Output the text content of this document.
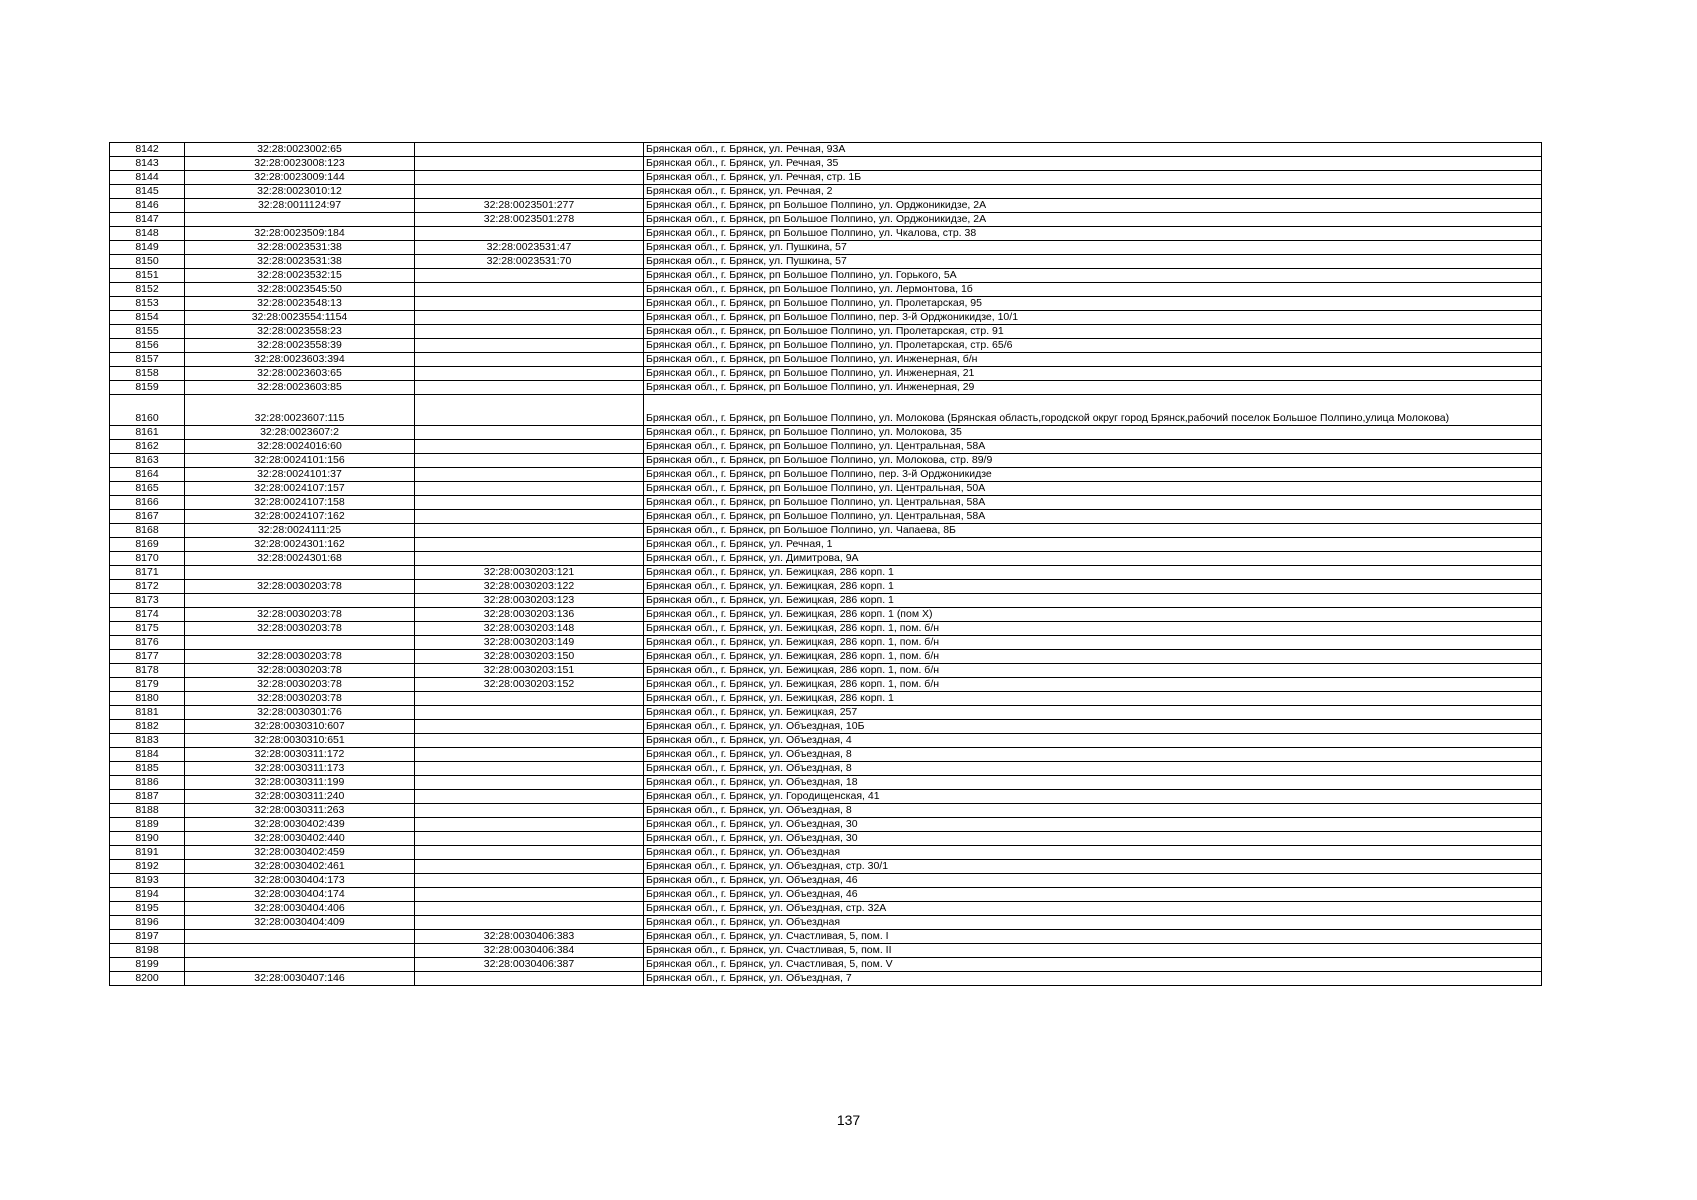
8142	32:28:0023002:65		Брянская обл., г. Брянск, ул. Речная, 93А
8143	32:28:0023008:123		Брянская обл., г. Брянск, ул. Речная, 35
8144	32:28:0023009:144		Брянская обл., г. Брянск, ул. Речная, стр. 1Б
8145	32:28:0023010:12		Брянская обл., г. Брянск, ул. Речная, 2
8146	32:28:0011124:97	32:28:0023501:277	Брянская обл., г. Брянск, рп Большое Полпино, ул. Орджоникидзе, 2А
8147		32:28:0023501:278	Брянская обл., г. Брянск, рп Большое Полпино, ул. Орджоникидзе, 2А
8148	32:28:0023509:184		Брянская обл., г. Брянск, рп Большое Полпино, ул. Чкалова, стр. 38
8149	32:28:0023531:38	32:28:0023531:47	Брянская обл., г. Брянск, ул. Пушкина, 57
8150	32:28:0023531:38	32:28:0023531:70	Брянская обл., г. Брянск, ул. Пушкина, 57
8151	32:28:0023532:15		Брянская обл., г. Брянск, рп Большое Полпино, ул. Горького, 5А
8152	32:28:0023545:50		Брянская обл., г. Брянск, рп Большое Полпино, ул. Лермонтова, 1б
8153	32:28:0023548:13		Брянская обл., г. Брянск, рп Большое Полпино, ул. Пролетарская, 95
8154	32:28:0023554:1154		Брянская обл., г. Брянск, рп Большое Полпино, пер. 3-й Орджоникидзе, 10/1
8155	32:28:0023558:23		Брянская обл., г. Брянск, рп Большое Полпино, ул. Пролетарская, стр. 91
8156	32:28:0023558:39		Брянская обл., г. Брянск, рп Большое Полпино, ул. Пролетарская, стр. 65/6
8157	32:28:0023603:394		Брянская обл., г. Брянск, рп Большое Полпино, ул. Инженерная, б/н
8158	32:28:0023603:65		Брянская обл., г. Брянск, рп Большое Полпино, ул. Инженерная, 21
8159	32:28:0023603:85		Брянская обл., г. Брянск, рп Большое Полпино, ул. Инженерная, 29
8160	32:28:0023607:115		Брянская обл., г. Брянск, рп Большое Полпино, ул. Молокова (Брянская область,городской округ город Брянск,рабочий поселок Большое Полпино,улица Молокова)
8161	32:28:0023607:2		Брянская обл., г. Брянск, рп Большое Полпино, ул. Молокова, 35
8162	32:28:0024016:60		Брянская обл., г. Брянск, рп Большое Полпино, ул. Центральная, 58А
8163	32:28:0024101:156		Брянская обл., г. Брянск, рп Большое Полпино, ул. Молокова, стр. 89/9
8164	32:28:0024101:37		Брянская обл., г. Брянск, рп Большое Полпино, пер. 3-й Орджоникидзе
8165	32:28:0024107:157		Брянская обл., г. Брянск, рп Большое Полпино, ул. Центральная, 50А
8166	32:28:0024107:158		Брянская обл., г. Брянск, рп Большое Полпино, ул. Центральная, 58А
8167	32:28:0024107:162		Брянская обл., г. Брянск, рп Большое Полпино, ул. Центральная, 58А
8168	32:28:0024111:25		Брянская обл., г. Брянск, рп Большое Полпино, ул. Чапаева, 8Б
8169	32:28:0024301:162		Брянская обл., г. Брянск, ул. Речная, 1
8170	32:28:0024301:68		Брянская обл., г. Брянск, ул. Димитрова, 9А
8171		32:28:0030203:121	Брянская обл., г. Брянск, ул. Бежицкая, 286 корп. 1
8172	32:28:0030203:78	32:28:0030203:122	Брянская обл., г. Брянск, ул. Бежицкая, 286 корп. 1
8173		32:28:0030203:123	Брянская обл., г. Брянск, ул. Бежицкая, 286 корп. 1
8174	32:28:0030203:78	32:28:0030203:136	Брянская обл., г. Брянск, ул. Бежицкая, 286 корп. 1 (пом X)
8175	32:28:0030203:78	32:28:0030203:148	Брянская обл., г. Брянск, ул. Бежицкая, 286 корп. 1, пом. б/н
8176		32:28:0030203:149	Брянская обл., г. Брянск, ул. Бежицкая, 286 корп. 1, пом. б/н
8177	32:28:0030203:78	32:28:0030203:150	Брянская обл., г. Брянск, ул. Бежицкая, 286 корп. 1, пом. б/н
8178	32:28:0030203:78	32:28:0030203:151	Брянская обл., г. Брянск, ул. Бежицкая, 286 корп. 1, пом. б/н
8179	32:28:0030203:78	32:28:0030203:152	Брянская обл., г. Брянск, ул. Бежицкая, 286 корп. 1, пом. б/н
8180	32:28:0030203:78		Брянская обл., г. Брянск, ул. Бежицкая, 286 корп. 1
8181	32:28:0030301:76		Брянская обл., г. Брянск, ул. Бежицкая, 257
8182	32:28:0030310:607		Брянская обл., г. Брянск, ул. Объездная, 10Б
8183	32:28:0030310:651		Брянская обл., г. Брянск, ул. Объездная, 4
8184	32:28:0030311:172		Брянская обл., г. Брянск, ул. Объездная, 8
8185	32:28:0030311:173		Брянская обл., г. Брянск, ул. Объездная, 8
8186	32:28:0030311:199		Брянская обл., г. Брянск, ул. Объездная, 18
8187	32:28:0030311:240		Брянская обл., г. Брянск, ул. Городищенская, 41
8188	32:28:0030311:263		Брянская обл., г. Брянск, ул. Объездная, 8
8189	32:28:0030402:439		Брянская обл., г. Брянск, ул. Объездная, 30
8190	32:28:0030402:440		Брянская обл., г. Брянск, ул. Объездная, 30
8191	32:28:0030402:459		Брянская обл., г. Брянск, ул. Объездная
8192	32:28:0030402:461		Брянская обл., г. Брянск, ул. Объездная, стр. 30/1
8193	32:28:0030404:173		Брянская обл., г. Брянск, ул. Объездная, 46
8194	32:28:0030404:174		Брянская обл., г. Брянск, ул. Объездная, 46
8195	32:28:0030404:406		Брянская обл., г. Брянск, ул. Объездная, стр. 32А
8196	32:28:0030404:409		Брянская обл., г. Брянск, ул. Объездная
8197		32:28:0030406:383	Брянская обл., г. Брянск, ул. Счастливая, 5, пом. I
8198		32:28:0030406:384	Брянская обл., г. Брянск, ул. Счастливая, 5, пом. II
8199		32:28:0030406:387	Брянская обл., г. Брянск, ул. Счастливая, 5, пом. V
8200	32:28:0030407:146		Брянская обл., г. Брянск, ул. Объездная, 7
137
